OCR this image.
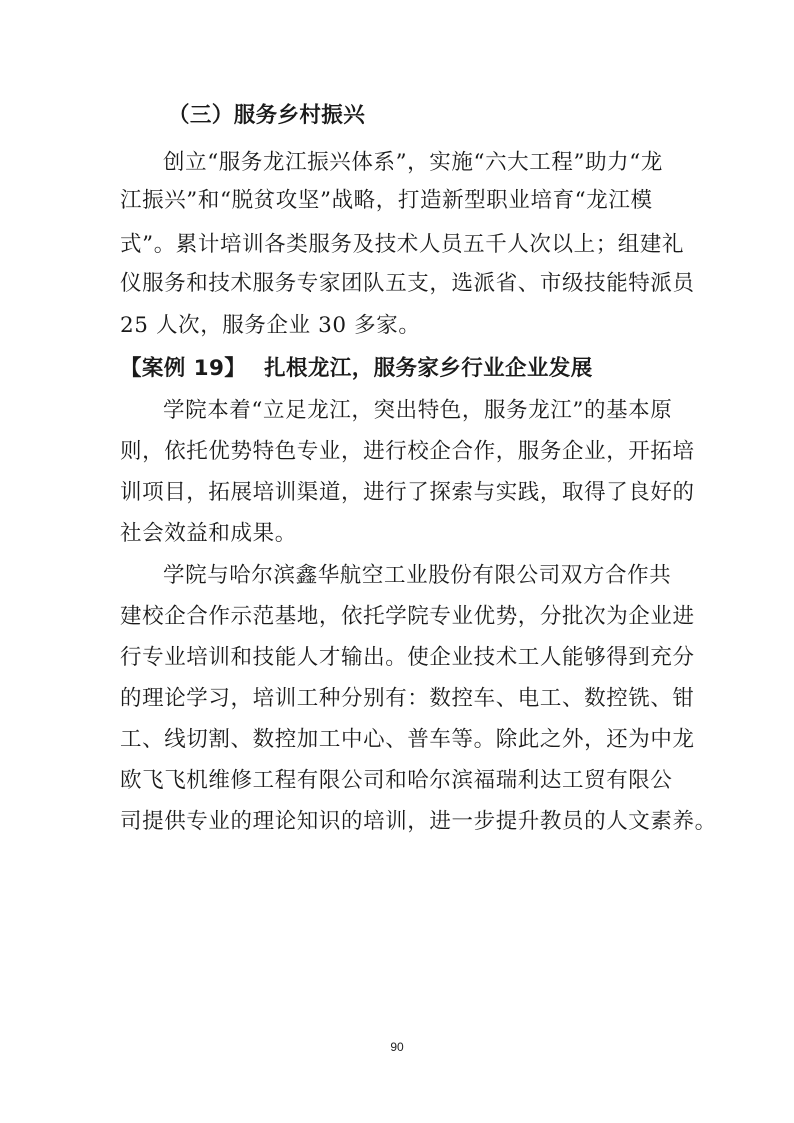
（三）服务乡村振兴
创立“服务龙江振兴体系”，实施“六大工程”助力“龙
江振兴”和“脱贫攻坚”战略，打造新型职业培育“龙江模
式”。累计培训各类服务及技术人员五千人次以上；组建礼
仪服务和技术服务专家团队五支，选派省、市级技能特派员
25 人次，服务企业 30 多家。
【案例 19】 扎根龙江，服务家乡行业企业发展
学院本着“立足龙江，突出特色，服务龙江”的基本原
则，依托优势特色专业，进行校企合作，服务企业，开拓培
训项目，拓展培训渠道，进行了探索与实践，取得了良好的
社会效益和成果。
学院与哈尔滨鑫华航空工业股份有限公司双方合作共
建校企合作示范基地，依托学院专业优势，分批次为企业进
行专业培训和技能人才输出。使企业技术工人能够得到充分
的理论学习，培训工种分别有：数控车、电工、数控铣、钳
工、线切割、数控加工中心、普车等。除此之外，还为中龙
欧飞飞机维修工程有限公司和哈尔滨福瑞利达工贸有限公
司提供专业的理论知识的培训，进一步提升教员的人文素养。
90
